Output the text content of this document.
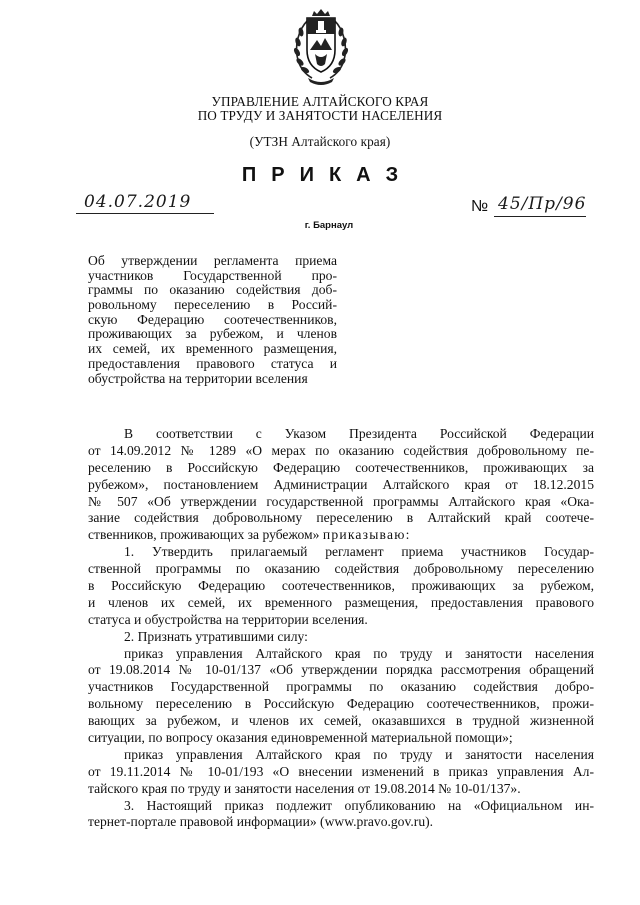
УПРАВЛЕНИЕ АЛТАЙСКОГО КРАЯ
ПО ТРУДУ И ЗАНЯТОСТИ НАСЕЛЕНИЯ
(УТЗН Алтайского края)
ПРИКАЗ
04.07.2019	№ 45/Пр/96
г. Барнаул
Об утверждении регламента приема
участников Государственной про-
граммы по оказанию содействия доб-
ровольному переселению в Россий-
скую Федерацию соотечественников,
проживающих за рубежом, и членов
их семей, их временного размещения,
предоставления правового статуса и
обустройства на территории вселения
В соответствии с Указом Президента Российской Федерации
от 14.09.2012 № 1289 «О мерах по оказанию содействия добровольному пе-
реселению в Российскую Федерацию соотечественников, проживающих за
рубежом», постановлением Администрации Алтайского края от 18.12.2015
№ 507 «Об утверждении государственной программы Алтайского края «Ока-
зание содействия добровольному переселению в Алтайский край соотече-
ственников, проживающих за рубежом» приказываю:
1. Утвердить прилагаемый регламент приема участников Государ-
ственной программы по оказанию содействия добровольному переселению
в Российскую Федерацию соотечественников, проживающих за рубежом,
и членов их семей, их временного размещения, предоставления правового
статуса и обустройства на территории вселения.
2. Признать утратившими силу:
приказ управления Алтайского края по труду и занятости населения
от 19.08.2014 № 10-01/137 «Об утверждении порядка рассмотрения обращений
участников Государственной программы по оказанию содействия добро-
вольному переселению в Российскую Федерацию соотечественников, прожи-
вающих за рубежом, и членов их семей, оказавшихся в трудной жизненной
ситуации, по вопросу оказания единовременной материальной помощи»;
приказ управления Алтайского края по труду и занятости населения
от 19.11.2014 № 10-01/193 «О внесении изменений в приказ управления Ал-
тайского края по труду и занятости населения от 19.08.2014 № 10-01/137».
3. Настоящий приказ подлежит опубликованию на «Официальном ин-
тернет-портале правовой информации» (www.pravo.gov.ru).
